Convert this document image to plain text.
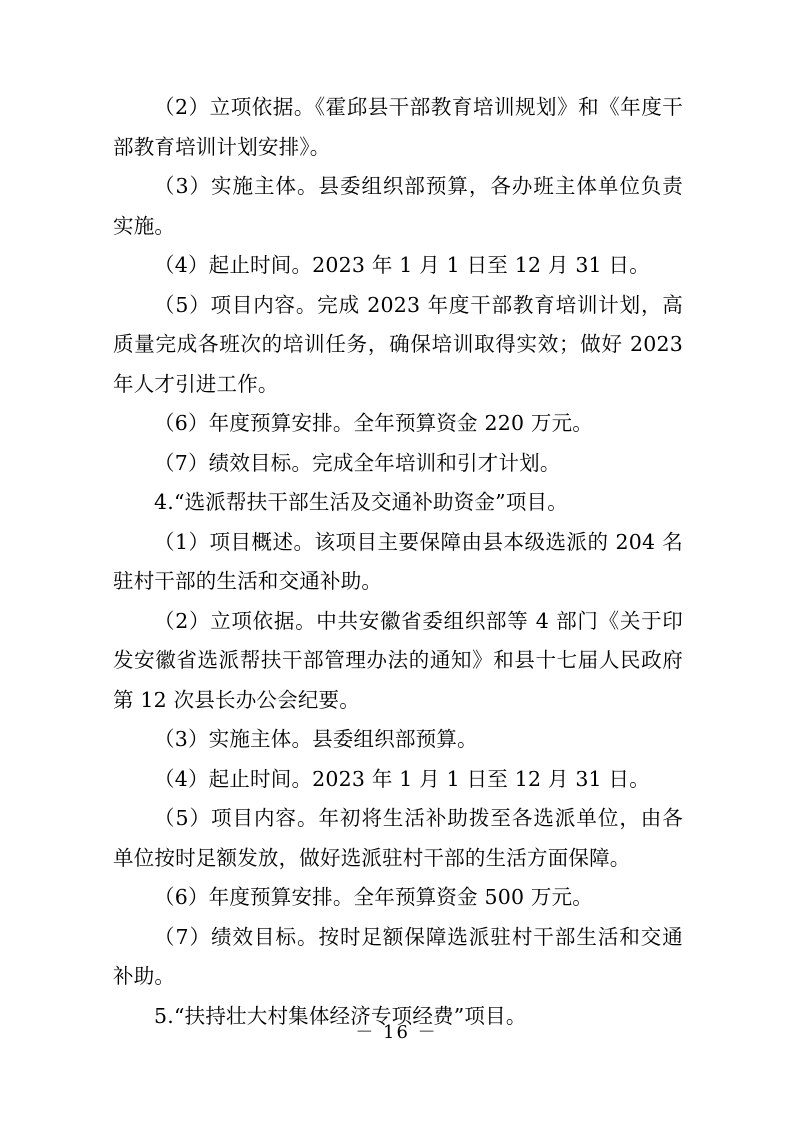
（2）立项依据。《霍邱县干部教育培训规划》和《年度干部教育培训计划安排》。

（3）实施主体。县委组织部预算，各办班主体单位负责实施。

（4）起止时间。2023 年 1 月 1 日至 12 月 31 日。

（5）项目内容。完成 2023 年度干部教育培训计划，高质量完成各班次的培训任务，确保培训取得实效；做好 2023 年人才引进工作。

（6）年度预算安排。全年预算资金 220 万元。

（7）绩效目标。完成全年培训和引才计划。

4.“选派帮扶干部生活及交通补助资金”项目。

（1）项目概述。该项目主要保障由县本级选派的 204 名驻村干部的生活和交通补助。

（2）立项依据。中共安徽省委组织部等 4 部门《关于印发安徽省选派帮扶干部管理办法的通知》和县十七届人民政府第 12 次县长办公会纪要。

（3）实施主体。县委组织部预算。

（4）起止时间。2023 年 1 月 1 日至 12 月 31 日。

（5）项目内容。年初将生活补助拨至各选派单位，由各单位按时足额发放，做好选派驻村干部的生活方面保障。

（6）年度预算安排。全年预算资金 500 万元。

（7）绩效目标。按时足额保障选派驻村干部生活和交通补助。

5.“扶持壮大村集体经济专项经费”项目。

－ 16 －
